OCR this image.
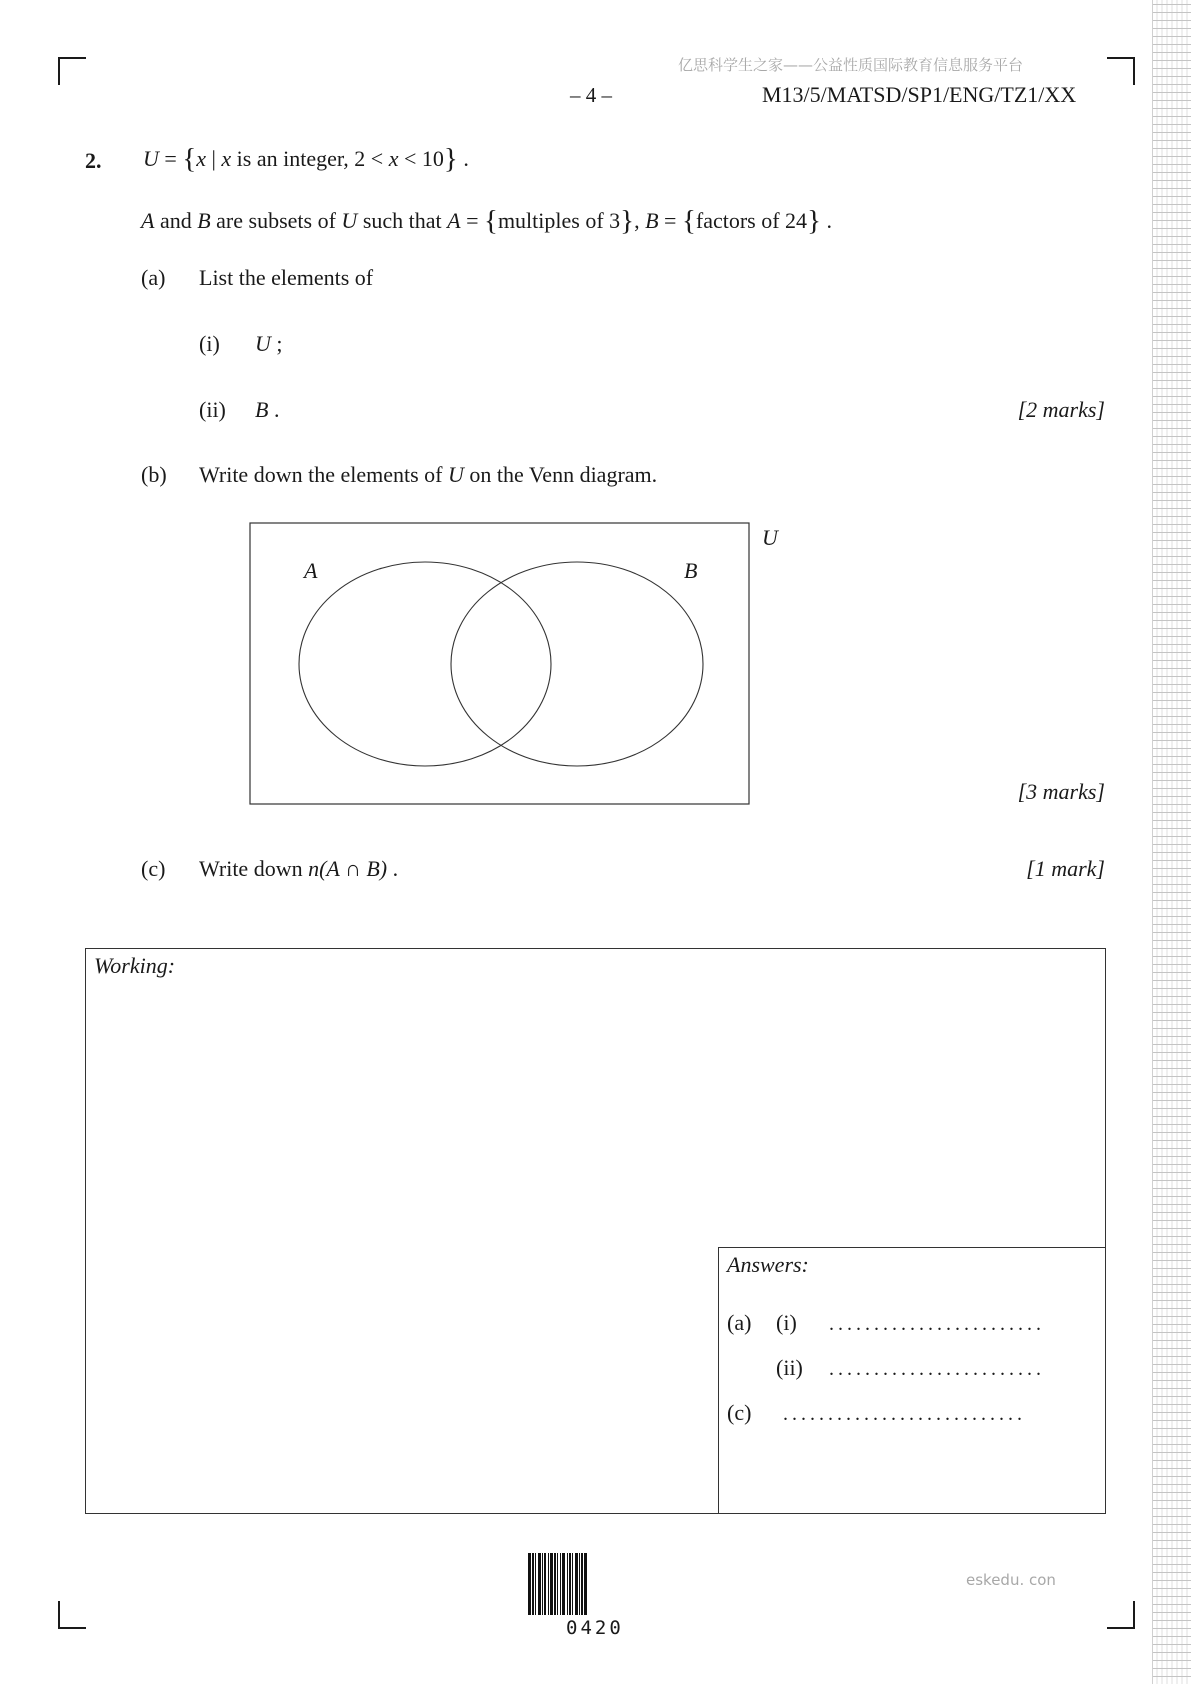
亿思科学生之家——公益性质国际教育信息服务平台
– 4 –	M13/5/MATSD/SP1/ENG/TZ1/XX
2. U = {x | x is an integer, 2 < x < 10} .
A and B are subsets of U such that A = {multiples of 3}, B = {factors of 24} .
(a) List the elements of
(i) U ;
(ii) B .	[2 marks]
(b) Write down the elements of U on the Venn diagram.
U
A	B
[3 marks]
(c) Write down n(A ∩ B) .	[1 mark]
Working:
Answers:
(a) (i) ........................
(ii) ........................
(c) ...........................
0420
eskedu. con
